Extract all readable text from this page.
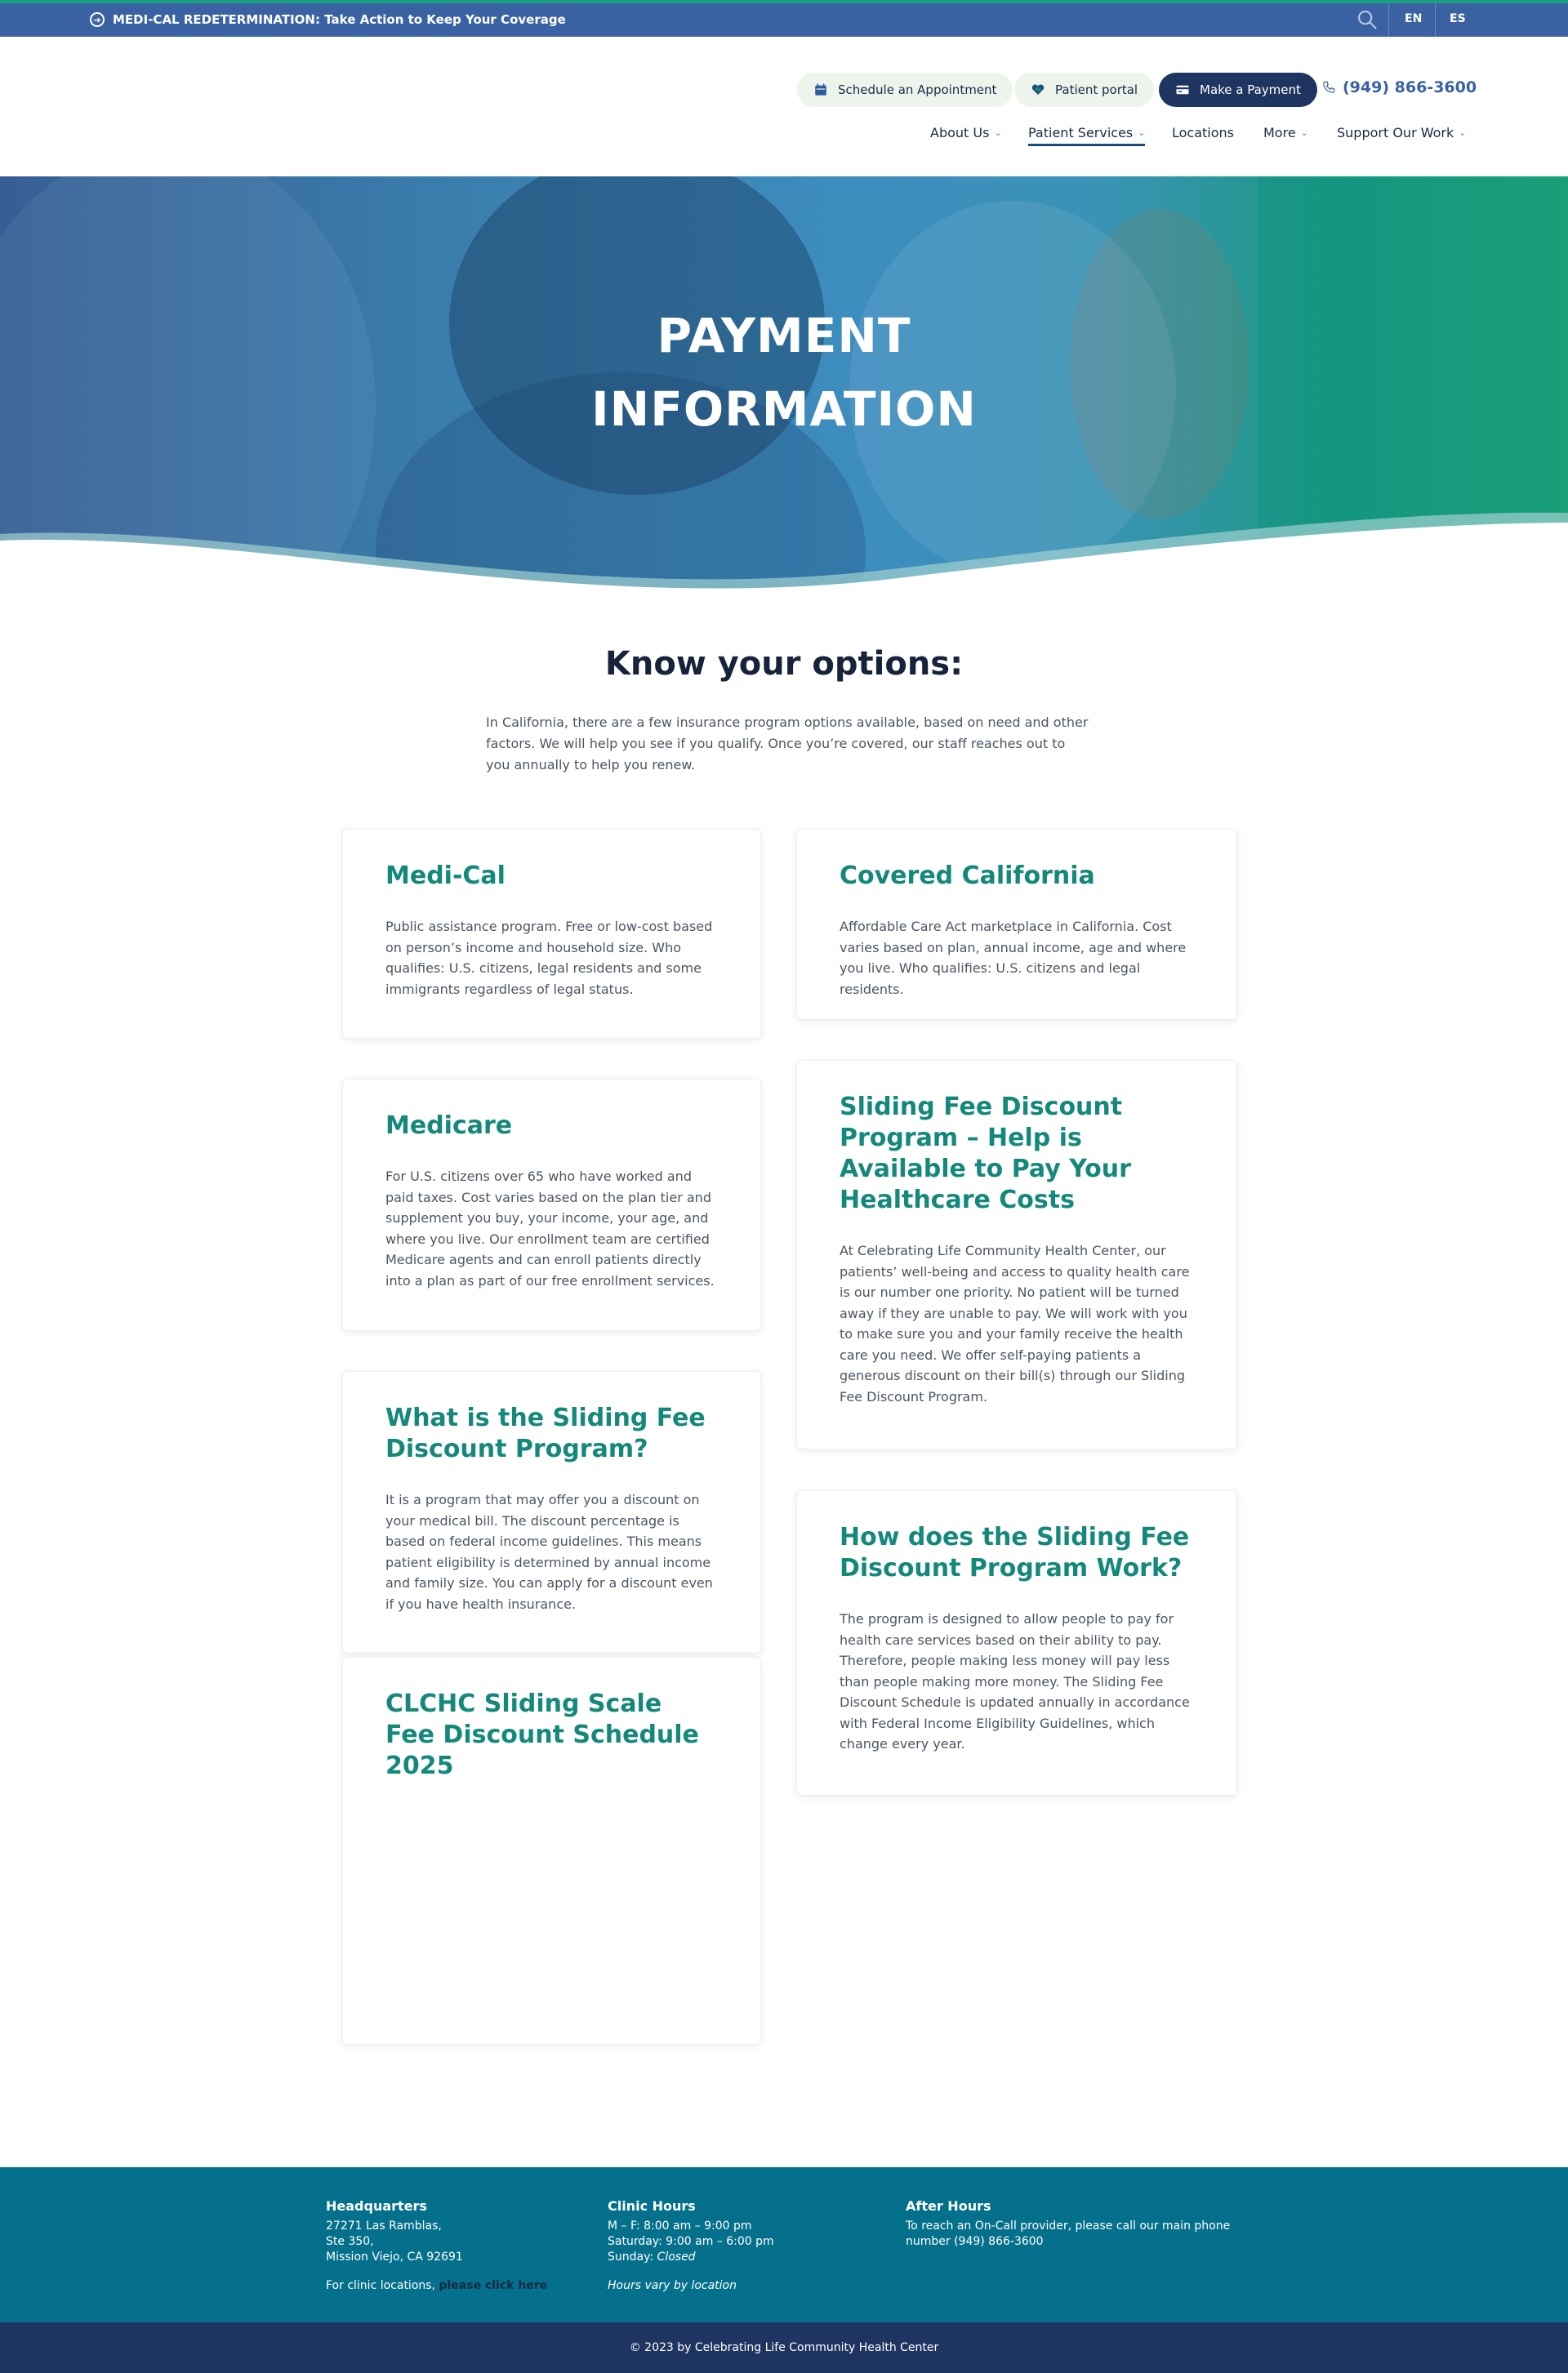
➜ MEDI-CAL REDETERMINATION: Take Action to Keep Your Coverage	EN ES
Schedule an Appointment	Patient portal	Make a Payment	(949) 866-3600
About Us ⌄ Patient Services ⌄ Locations More ⌄ Support Our Work ⌄
PAYMENT
INFORMATION
Know your options:

In California, there are a few insurance program options available, based on need and other factors. We will help you see if you qualify. Once you’re covered, our staff reaches out to you annually to help you renew.

Medi-Cal

Public assistance program. Free or low-cost based on person’s income and household size. Who qualifies: U.S. citizens, legal residents and some immigrants regardless of legal status.

Medicare

For U.S. citizens over 65 who have worked and paid taxes. Cost varies based on the plan tier and supplement you buy, your income, your age, and where you live. Our enrollment team are certified Medicare agents and can enroll patients directly into a plan as part of our free enrollment services.

What is the Sliding Fee Discount Program?

It is a program that may offer you a discount on your medical bill. The discount percentage is based on federal income guidelines. This means patient eligibility is determined by annual income and family size. You can apply for a discount even if you have health insurance.

CLCHC Sliding Scale Fee Discount Schedule 2025
Covered California

Affordable Care Act marketplace in California. Cost varies based on plan, annual income, age and where you live. Who qualifies: U.S. citizens and legal residents.

Sliding Fee Discount Program – Help is Available to Pay Your Healthcare Costs

At Celebrating Life Community Health Center, our patients’ well-being and access to quality health care is our number one priority. No patient will be turned away if they are unable to pay. We will work with you to make sure you and your family receive the health care you need. We offer self-paying patients a generous discount on their bill(s) through our Sliding Fee Discount Program.

How does the Sliding Fee Discount Program Work?

The program is designed to allow people to pay for health care services based on their ability to pay. Therefore, people making less money will pay less than people making more money. The Sliding Fee Discount Schedule is updated annually in accordance with Federal Income Eligibility Guidelines, which change every year.

Headquarters
27271 Las Ramblas,
Ste 350,
Mission Viejo, CA 92691
For clinic locations, please click here
Clinic Hours
M – F: 8:00 am – 9:00 pm
Saturday: 9:00 am – 6:00 pm
Sunday: Closed
Hours vary by location
After Hours
To reach an On-Call provider, please call our main phone number (949) 866-3600
© 2023 by Celebrating Life Community Health Center
